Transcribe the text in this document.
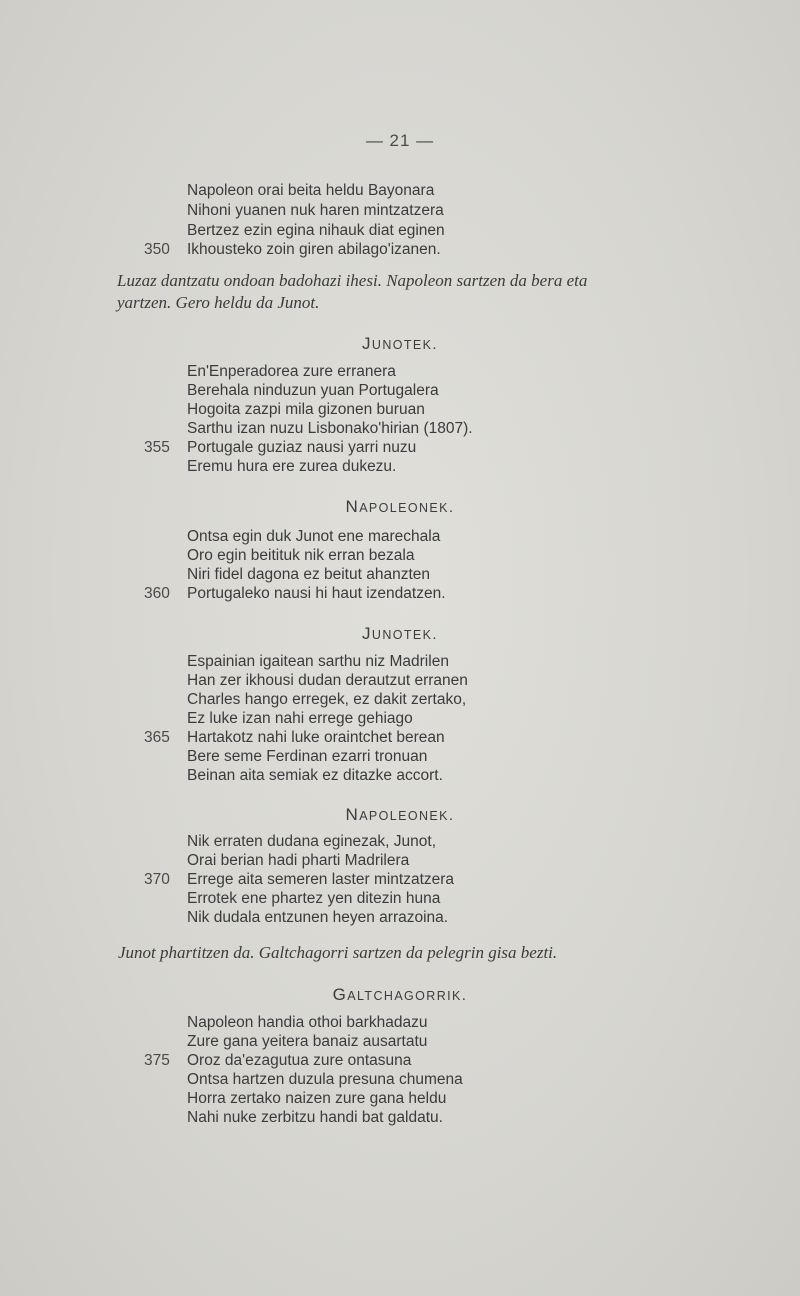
— 21 —
Napoleon orai beita heldu Bayonara
Nihoni yuanen nuk haren mintzatzera
Bertzez ezin egina nihauk diat eginen
350	Ikhousteko zoin giren abilago'izanen.
Luzaz dantzatu ondoan badohazi ihesi. Napoleon sartzen da bera eta
yartzen. Gero heldu da Junot.
JUNOTEK.
En'Enperadorea zure erranera
Berehala ninduzun yuan Portugalera
Hogoita zazpi mila gizonen buruan
Sarthu izan nuzu Lisbonako'hirian (1807).
355	Portugale guziaz nausi yarri nuzu
Eremu hura ere zurea dukezu.
NAPOLEONEK.
Ontsa egin duk Junot ene marechala
Oro egin beitituk nik erran bezala
Niri fidel dagona ez beitut ahanzten
360	Portugaleko nausi hi haut izendatzen.
JUNOTEK.
Espainian igaitean sarthu niz Madrilen
Han zer ikhousi dudan derautzut erranen
Charles hango erregek, ez dakit zertako,
Ez luke izan nahi errege gehiago
365	Hartakotz nahi luke oraintchet berean
Bere seme Ferdinan ezarri tronuan
Beinan aita semiak ez ditazke accort.
NAPOLEONEK.
Nik erraten dudana eginezak, Junot,
Orai berian hadi pharti Madrilera
370	Errege aita semeren laster mintzatzera
Errotek ene phartez yen ditezin huna
Nik dudala entzunen heyen arrazoina.
Junot phartitzen da. Galtchagorri sartzen da pelegrin gisa bezti.
GALTCHAGORRIK.
Napoleon handia othoi barkhadazu
Zure gana yeitera banaiz ausartatu
375	Oroz da'ezagutua zure ontasuna
Ontsa hartzen duzula presuna chumena
Horra zertako naizen zure gana heldu
Nahi nuke zerbitzu handi bat galdatu.
